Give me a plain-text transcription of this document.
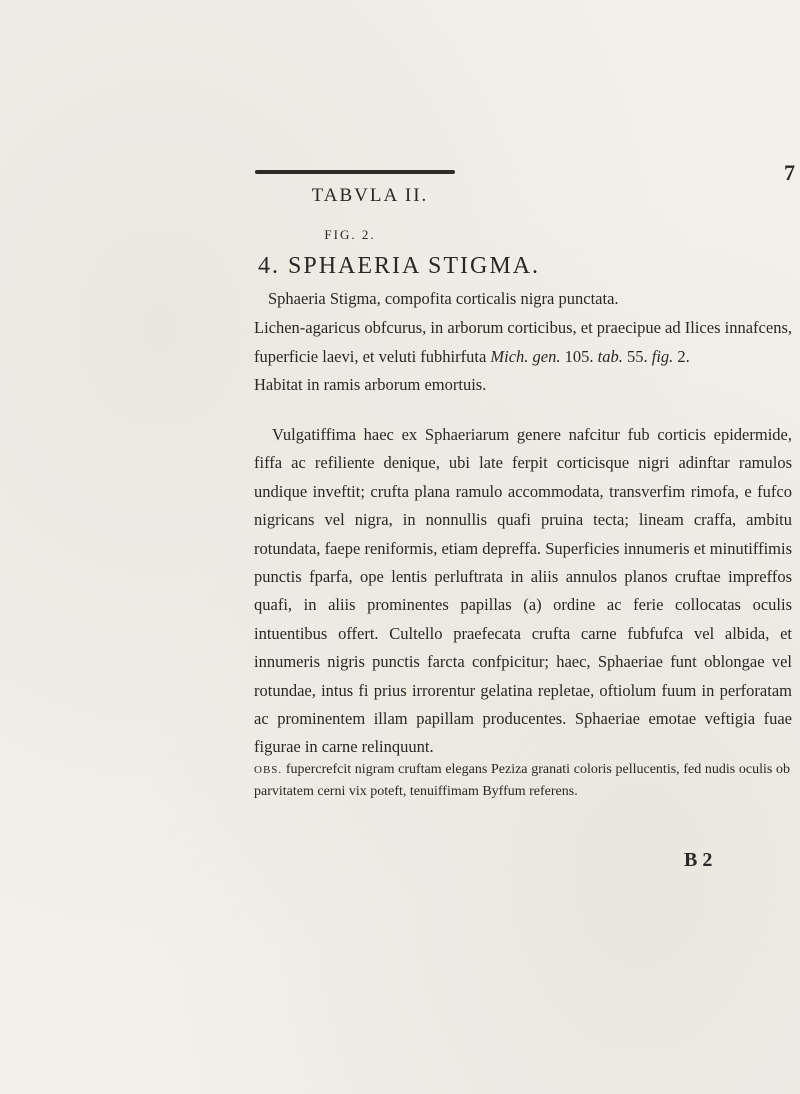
7
TABVLA II.
FIG. 2.
4. SPHAERIA STIGMA.

Sphaeria Stigma, compofita corticalis nigra punctata.

Lichen-agaricus obfcurus, in arborum corticibus, et praecipue ad Ilices innafcens, fuperficie laevi, et veluti fubhirfuta Mich. gen. 105. tab. 55. fig. 2.
Habitat in ramis arborum emortuis.

Vulgatiffima haec ex Sphaeriarum genere nafcitur fub corticis epidermide, fiffa ac refiliente denique, ubi late ferpit corticisque nigri adinftar ramulos undique inveftit; crufta plana ramulo accommodata, transverfim rimofa, e fufco nigricans vel nigra, in nonnullis quafi pruina tecta; lineam craffa, ambitu rotundata, faepe reniformis, etiam depreffa. Superficies innumeris et minutiffimis punctis fparfa, ope lentis perluftrata in aliis annulos planos cruftae impreffos quafi, in aliis prominentes papillas (a) ordine ac ferie collocatas oculis intuentibus offert. Cultello praefecata crufta carne fubfufca vel albida, et innumeris nigris punctis farcta confpicitur; haec, Sphaeriae funt oblongae vel rotundae, intus fi prius irrorentur gelatina repletae, oftiolum fuum in perforatam ac prominentem illam papillam producentes. Sphaeriae emotae veftigia fuae figurae in carne relinquunt.

OBS. fupercrefcit nigram cruftam elegans Peziza granati coloris pellucentis, fed nudis oculis ob parvitatem cerni vix poteft, tenuiffimam Byffum referens.

B 2
